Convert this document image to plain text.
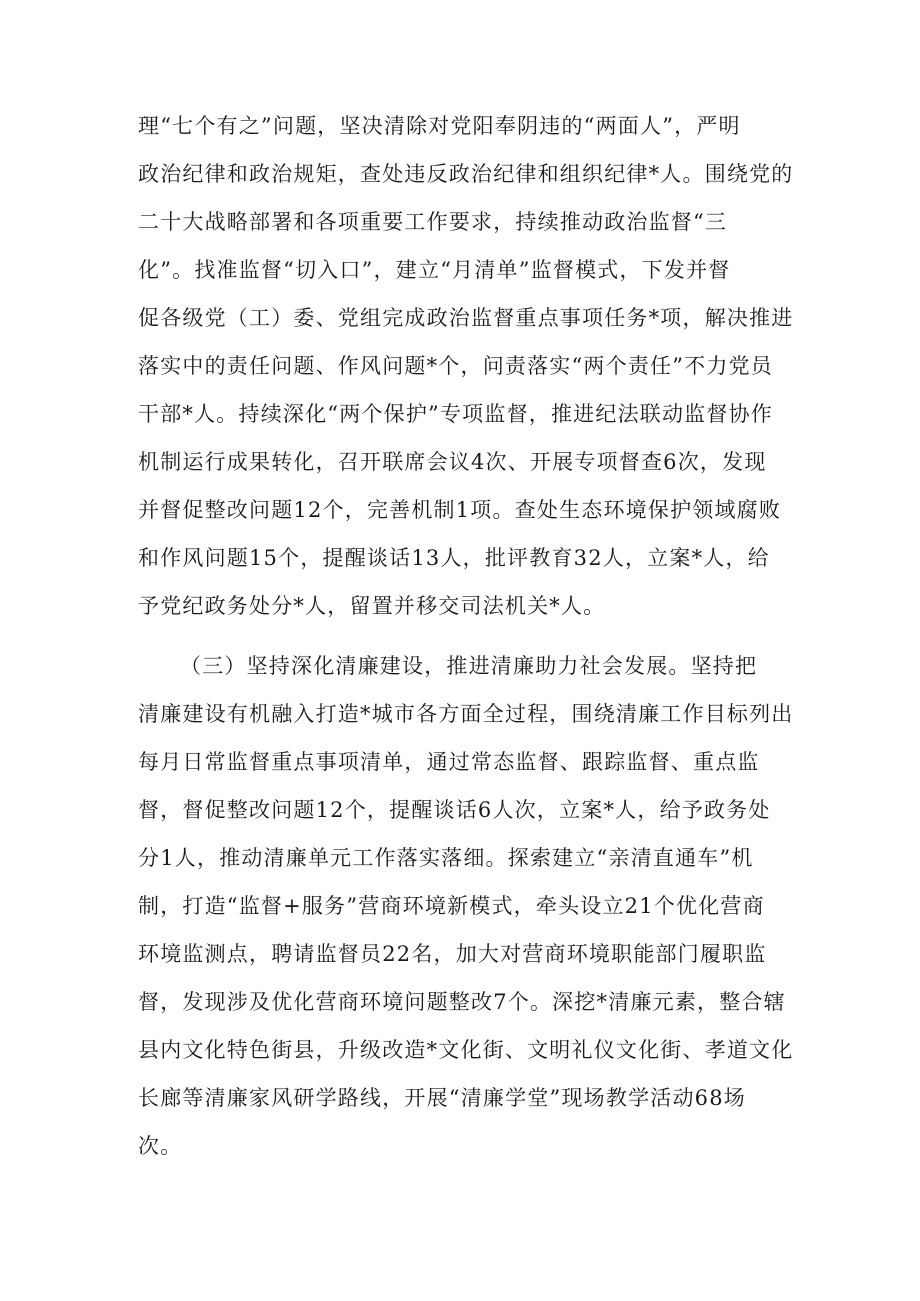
理“七个有之”问题，坚决清除对党阳奉阴违的“两面人”，严明
政治纪律和政治规矩，查处违反政治纪律和组织纪律*人。围绕党的
二十大战略部署和各项重要工作要求，持续推动政治监督“三
化”。找准监督“切入口”，建立“月清单”监督模式，下发并督
促各级党（工）委、党组完成政治监督重点事项任务*项，解决推进
落实中的责任问题、作风问题*个，问责落实“两个责任”不力党员
干部*人。持续深化“两个保护”专项监督，推进纪法联动监督协作
机制运行成果转化，召开联席会议4次、开展专项督查6次，发现
并督促整改问题12个，完善机制1项。查处生态环境保护领域腐败
和作风问题15个，提醒谈话13人，批评教育32人，立案*人，给
予党纪政务处分*人，留置并移交司法机关*人。
（三）坚持深化清廉建设，推进清廉助力社会发展。坚持把
清廉建设有机融入打造*城市各方面全过程，围绕清廉工作目标列出
每月日常监督重点事项清单，通过常态监督、跟踪监督、重点监
督，督促整改问题12个，提醒谈话6人次，立案*人，给予政务处
分1人，推动清廉单元工作落实落细。探索建立“亲清直通车”机
制，打造“监督+服务”营商环境新模式，牵头设立21个优化营商
环境监测点，聘请监督员22名，加大对营商环境职能部门履职监
督，发现涉及优化营商环境问题整改7个。深挖*清廉元素，整合辖
县内文化特色街县，升级改造*文化街、文明礼仪文化街、孝道文化
长廊等清廉家风研学路线，开展“清廉学堂”现场教学活动68场
次。
